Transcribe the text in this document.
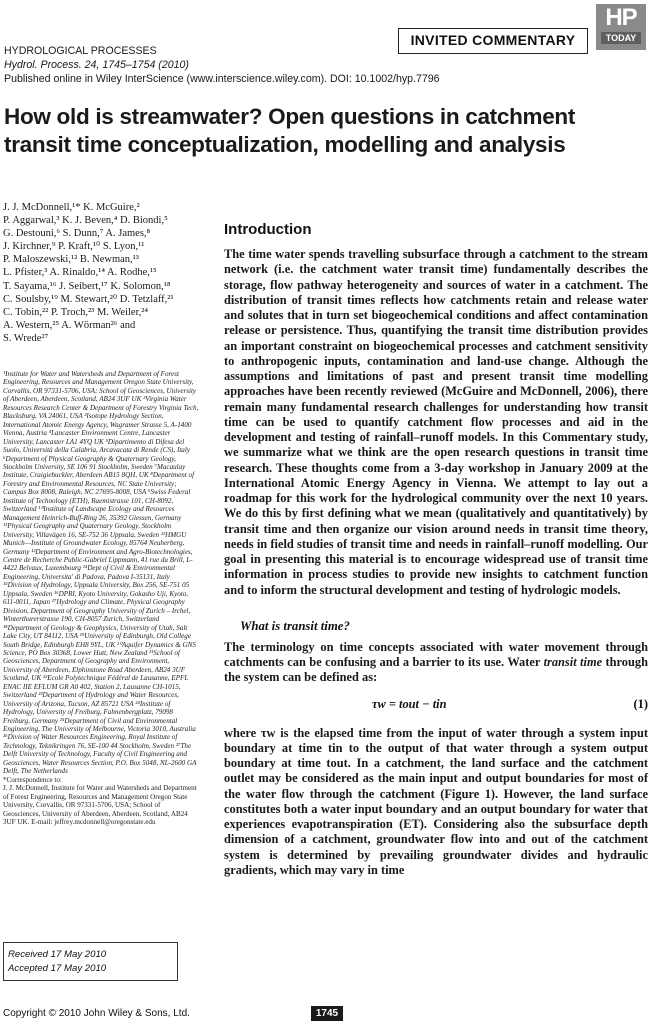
HP
TODAY
INVITED COMMENTARY
HYDROLOGICAL PROCESSES
Hydrol. Process. 24, 1745–1754 (2010)
Published online in Wiley InterScience (www.interscience.wiley.com). DOI: 10.1002/hyp.7796
How old is streamwater? Open questions in catchment transit time conceptualization, modelling and analysis
J. J. McDonnell,¹* K. McGuire,²
P. Aggarwal,³ K. J. Beven,⁴ D. Biondi,⁵
G. Destouni,⁶ S. Dunn,⁷ A. James,⁸
J. Kirchner,⁹ P. Kraft,¹⁰ S. Lyon,¹¹
P. Maloszewski,¹² B. Newman,¹³
L. Pfister,³ A. Rinaldo,¹⁴ A. Rodhe,¹⁵
T. Sayama,¹⁶ J. Seibert,¹⁷ K. Solomon,¹⁸
C. Soulsby,¹⁹ M. Stewart,²⁰ D. Tetzlaff,²¹
C. Tobin,²² P. Troch,²³ M. Weiler,²⁴
A. Western,²⁵ A. Wörman²⁶ and
S. Wrede²⁷
¹Institute for Water and Watersheds and Department of Forest Engineering, Resources and Management Oregon State University, Corvallis, OR 97331-5706, USA; School of Geosciences, University of Aberdeen, Aberdeen, Scotland, AB24 3UF UK ²Virginia Water Resources Research Center & Department of Forestry Virginia Tech, Blacksburg, VA 24061, USA ³Isotope Hydrology Section, International Atomic Energy Agency, Wagramer Strasse 5, A-1400 Vienna, Austria ⁴Lancaster Environment Centre, Lancaster University, Lancaster LA1 4YQ UK ⁵Dipartimento di Difesa del Suolo, Università della Calabria, Arcavacata di Rende (CS), Italy ⁶Department of Physical Geography & Quaternary Geology, Stockholm University, SE 106 91 Stockholm, Sweden ⁷Macaulay Institute, Craigiebuckler, Aberdeen AB15 8QH, UK ⁸Department of Forestry and Environmental Resources, NC State University; Campus Box 8008, Raleigh, NC 27695-8008, USA ⁹Swiss Federal Institute of Technology (ETH), Raemistrasse 101, CH-8092, Switzerland ¹⁰Institute of Landscape Ecology and Resources Management Heinrich-Buff-Ring 26, 35392 Giessen, Germany ¹¹Physical Geography and Quaternary Geology, Stockholm University, Villavägen 16, SE-752 36 Uppsala, Sweden ¹²HMGU Munich—Institute of Groundwater Ecology, 85764 Neuherberg, Germany ¹³Department of Environment and Agro-Biotechnologies, Centre de Recherche Public-Gabriel Lippmann, 41 rue du Brill, L-4422 Belvaux, Luxembourg ¹⁴Dept of Civil & Environmental Engineering, Universita' di Padova, Padova I-35131, Italy ¹⁵Division of Hydrology, Uppsala University, Box 256, SE-751 05 Uppsala, Sweden ¹⁶DPRI, Kyoto University, Gokasho Uji, Kyoto, 611-0011, Japan ¹⁷Hydrology and Climate, Physical Geography Division, Department of Geography University of Zurich – Irchel, Winterthurerstrasse 190, CH-8057 Zurich, Switzerland ¹⁸Department of Geology & Geophysics, University of Utah, Salt Lake City, UT 84112, USA ¹⁹University of Edinburgh, Old College South Bridge, Edinburgh EH8 9YL, UK ²⁰Aquifer Dynamics & GNS Science, PO Box 30368, Lower Hutt, New Zealand ²¹School of Geosciences, Department of Geography and Environment, University of Aberdeen, Elphinstone Road Aberdeen, AB24 3UF Scotland, UK ²²Ecole Polytechnique Fédéral de Lausanne, EPFL ENAC IIE EFLUM GR A0 402, Station 2, Lausanne CH-1015, Switzerland ²³Department of Hydrology and Water Resources, University of Arizona, Tucson, AZ 85721 USA ²⁴Institute of Hydrology, University of Freiburg, Fahnenbergplatz, 79098 Freiburg, Germany ²⁵Department of Civil and Environmental Engineering, The University of Melbourne, Victoria 3010, Australia ²⁶Division of Water Resources Engineering, Royal Institute of Technology, Teknikringen 76, SE-100 44 Stockholm, Sweden ²⁷The Delft University of Technology, Faculty of Civil Engineering and Geosciences, Water Resources Section, P.O. Box 5048, NL-2600 GA Delft, The Netherlands
*Correspondence to:
J. J. McDonnell, Institute for Water and Watersheds and Department of Forest Engineering, Resources and Management Oregon State University, Corvallis, OR 97331-5706, USA; School of Geosciences, University of Aberdeen, Aberdeen, Scotland, AB24 3UF UK. E-mail: jeffrey.mcdonnell@oregonstate.edu
Received 17 May 2010
Accepted 17 May 2010
Copyright © 2010 John Wiley & Sons, Ltd.	1745
Introduction

The time water spends travelling subsurface through a catchment to the stream network (i.e. the catchment water transit time) fundamentally describes the storage, flow pathway heterogeneity and sources of water in a catchment. The distribution of transit times reflects how catchments retain and release water and solutes that in turn set biogeochemical conditions and affect contamination release or persistence. Thus, quantifying the transit time distribution provides an important constraint on biogeochemical processes and catchment sensitivity to anthropogenic inputs, contamination and land-use change. Although the assumptions and limitations of past and present transit time modelling approaches have been recently reviewed (McGuire and McDonnell, 2006), there remain many fundamental research challenges for understanding how transit time can be used to quantify catchment flow processes and aid in the development and testing of rainfall–runoff models. In this Commentary study, we summarize what we think are the open research questions in transit time research. These thoughts come from a 3-day workshop in January 2009 at the International Atomic Energy Agency in Vienna. We attempt to lay out a roadmap for this work for the hydrological community over the next 10 years. We do this by first defining what we mean (qualitatively and quantitatively) by transit time and then organize our vision around needs in transit time theory, needs in field studies of transit time and needs in rainfall–runoff modelling. Our goal in presenting this material is to encourage widespread use of transit time information in process studies to provide new insights to catchment function and to inform the structural development and testing of hydrologic models.

What is transit time?

The terminology on time concepts associated with water movement through catchments can be confusing and a barrier to its use. Water transit time through the system can be defined as:

τw = tout − tin	(1)

where τw is the elapsed time from the input of water through a system input boundary at time tin to the output of that water through a system output boundary at time tout. In a catchment, the land surface and the catchment outlet may be considered as the main input and output boundaries for most of the water flow through the catchment (Figure 1). However, the land surface constitutes both a water input boundary and an output boundary for water that experiences evapotranspiration (ET). Considering also the subsurface depth dimension of a catchment, groundwater flow into and out of the catchment system is determined by prevailing groundwater divides and hydraulic gradients, which may vary in time
